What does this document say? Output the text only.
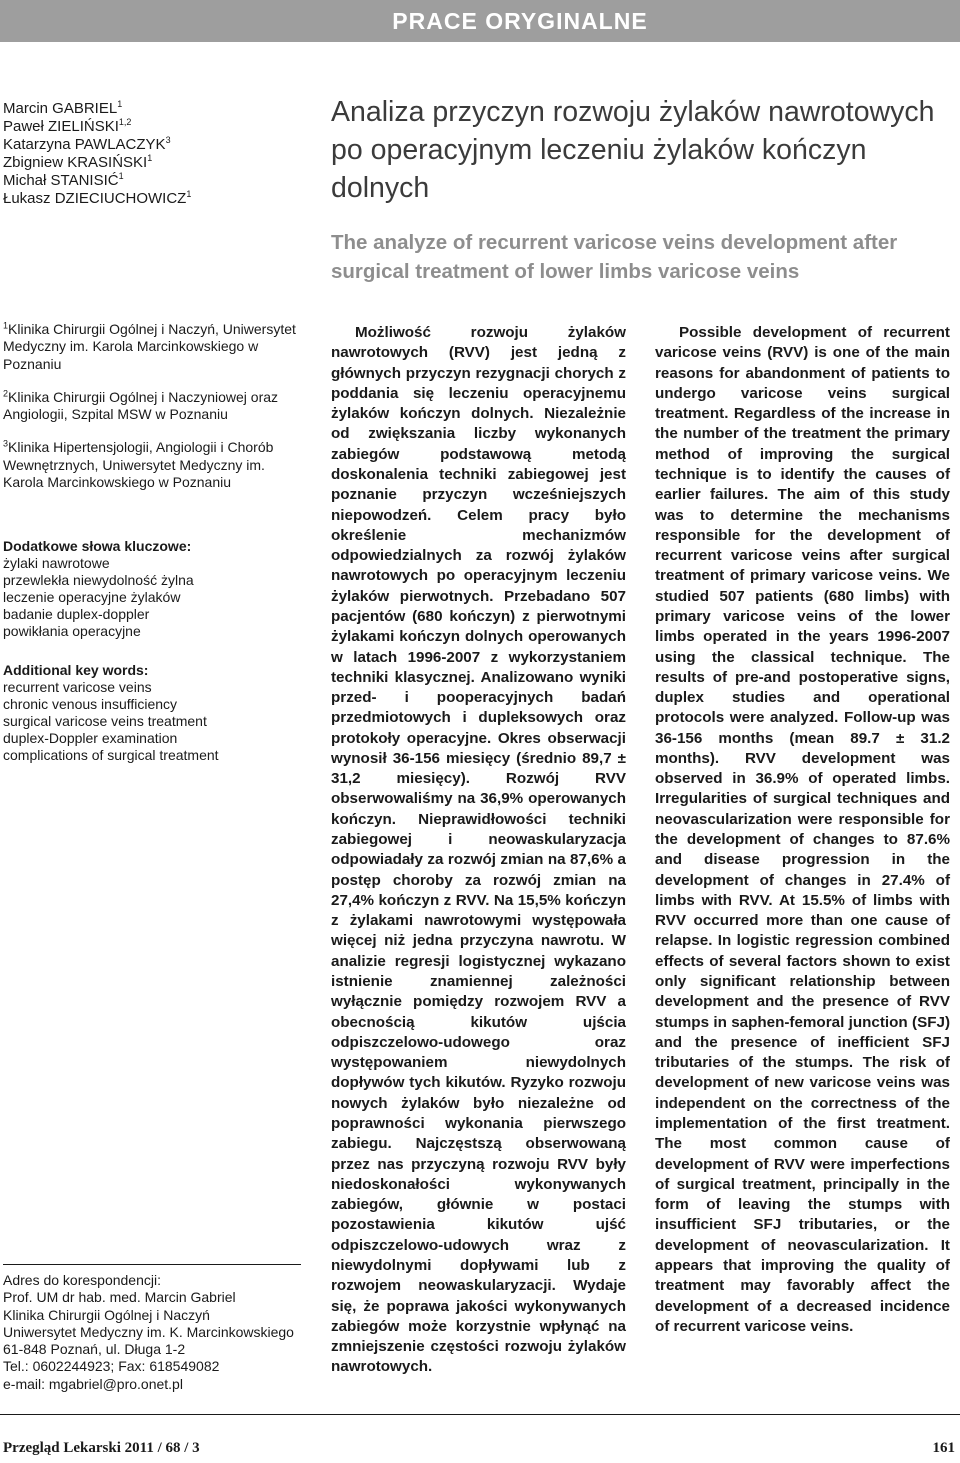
PRACE ORYGINALNE
Marcin GABRIEL$^1$
Paweł ZIELIŃSKI$^{1,2}$
Katarzyna PAWLACZYK$^3$
Zbigniew KRASIŃSKI$^1$
Michał STANISIĆ$^1$
Łukasz DZIECIUCHOWICZ$^1$
Analiza przyczyn rozwoju żylaków nawrotowych po operacyjnym leczeniu żylaków kończyn dolnych
The analyze of recurrent varicose veins development after surgical treatment of lower limbs varicose veins
$^1$Klinika Chirurgii Ogólnej i Naczyń, Uniwersytet Medyczny im. Karola Marcinkowskiego w Poznaniu
$^2$Klinika Chirurgii Ogólnej i Naczyniowej oraz Angiologii, Szpital MSW w Poznaniu
$^3$Klinika Hipertensjologii, Angiologii i Chorób Wewnętrznych, Uniwersytet Medyczny im. Karola Marcinkowskiego w Poznaniu
Dodatkowe słowa kluczowe:
żylaki nawrotowe
przewlekła niewydolność żylna
leczenie operacyjne żylaków
badanie duplex-doppler
powikłania operacyjne
Additional key words:
recurrent varicose veins
chronic venous insufficiency
surgical varicose veins treatment
duplex-Doppler examination
complications of surgical treatment
Adres do korespondencji:
Prof. UM dr hab. med. Marcin Gabriel
Klinika Chirurgii Ogólnej i Naczyń
Uniwersytet Medyczny im. K. Marcinkowskiego
61-848 Poznań, ul. Długa 1-2
Tel.: 0602244923; Fax: 618549082
e-mail: mgabriel@pro.onet.pl

Możliwość rozwoju żylaków nawrotowych (RVV) jest jedną z głównych przyczyn rezygnacji chorych z poddania się leczeniu operacyjnemu żylaków kończyn dolnych. Niezależnie od zwiększania liczby wykonanych zabiegów podstawową metodą doskonalenia techniki zabiegowej jest poznanie przyczyn wcześniejszych niepowodzeń. Celem pracy było określenie mechanizmów odpowiedzialnych za rozwój żylaków nawrotowych po operacyjnym leczeniu żylaków pierwotnych. Przebadano 507 pacjentów (680 kończyn) z pierwotnymi żylakami kończyn dolnych operowanych w latach 1996-2007 z wykorzystaniem techniki klasycznej. Analizowano wyniki przed- i pooperacyjnych badań przedmiotowych i dupleksowych oraz protokoły operacyjne. Okres obserwacji wynosił 36-156 miesięcy (średnio 89,7 ± 31,2 miesięcy). Rozwój RVV obserwowaliśmy na 36,9% operowanych kończyn. Nieprawidłowości techniki zabiegowej i neowaskularyzacja odpowiadały za rozwój zmian na 87,6% a postęp choroby za rozwój zmian na 27,4% kończyn z RVV. Na 15,5% kończyn z żylakami nawrotowymi występowała więcej niż jedna przyczyna nawrotu. W analizie regresji logistycznej wykazano istnienie znamiennej zależności wyłącznie pomiędzy rozwojem RVV a obecnością kikutów ujścia odpiszczelowo-udowego oraz występowaniem niewydolnych dopływów tych kikutów. Ryzyko rozwoju nowych żylaków było niezależne od poprawności wykonania pierwszego zabiegu. Najczęstszą obserwowaną przez nas przyczyną rozwoju RVV były niedoskonałości wykonywanych zabiegów, głównie w postaci pozostawienia kikutów ujść odpiszczelowo-udowych wraz z niewydolnymi dopływami lub z rozwojem neowaskularyzacji. Wydaje się, że poprawa jakości wykonywanych zabiegów może korzystnie wpłynąć na zmniejszenie częstości rozwoju żylaków nawrotowych.

Possible development of recurrent varicose veins (RVV) is one of the main reasons for abandonment of patients to undergo varicose veins surgical treatment. Regardless of the increase in the number of the treatment the primary method of improving the surgical technique is to identify the causes of earlier failures. The aim of this study was to determine the mechanisms responsible for the development of recurrent varicose veins after surgical treatment of primary varicose veins. We studied 507 patients (680 limbs) with primary varicose veins of the lower limbs operated in the years 1996-2007 using the classical technique. The results of pre-and postoperative signs, duplex studies and operational protocols were analyzed. Follow-up was 36-156 months (mean 89.7 ± 31.2 months). RVV development was observed in 36.9% of operated limbs. Irregularities of surgical techniques and neovascularization were responsible for the development of changes to 87.6% and disease progression in the development of changes in 27.4% of limbs with RVV. At 15.5% of limbs with RVV occurred more than one cause of relapse. In logistic regression combined effects of several factors shown to exist only significant relationship between development and the presence of RVV stumps in saphen-femoral junction (SFJ) and the presence of inefficient SFJ tributaries of the stumps. The risk of development of new varicose veins was independent on the correctness of the implementation of the first treatment. The most common cause of development of RVV were imperfections of surgical treatment, principally in the form of leaving the stumps with insufficient SFJ tributaries, or the development of neovascularization. It appears that improving the quality of treatment may favorably affect the development of a decreased incidence of recurrent varicose veins.

Przegląd Lekarski 2011 / 68 / 3	161
